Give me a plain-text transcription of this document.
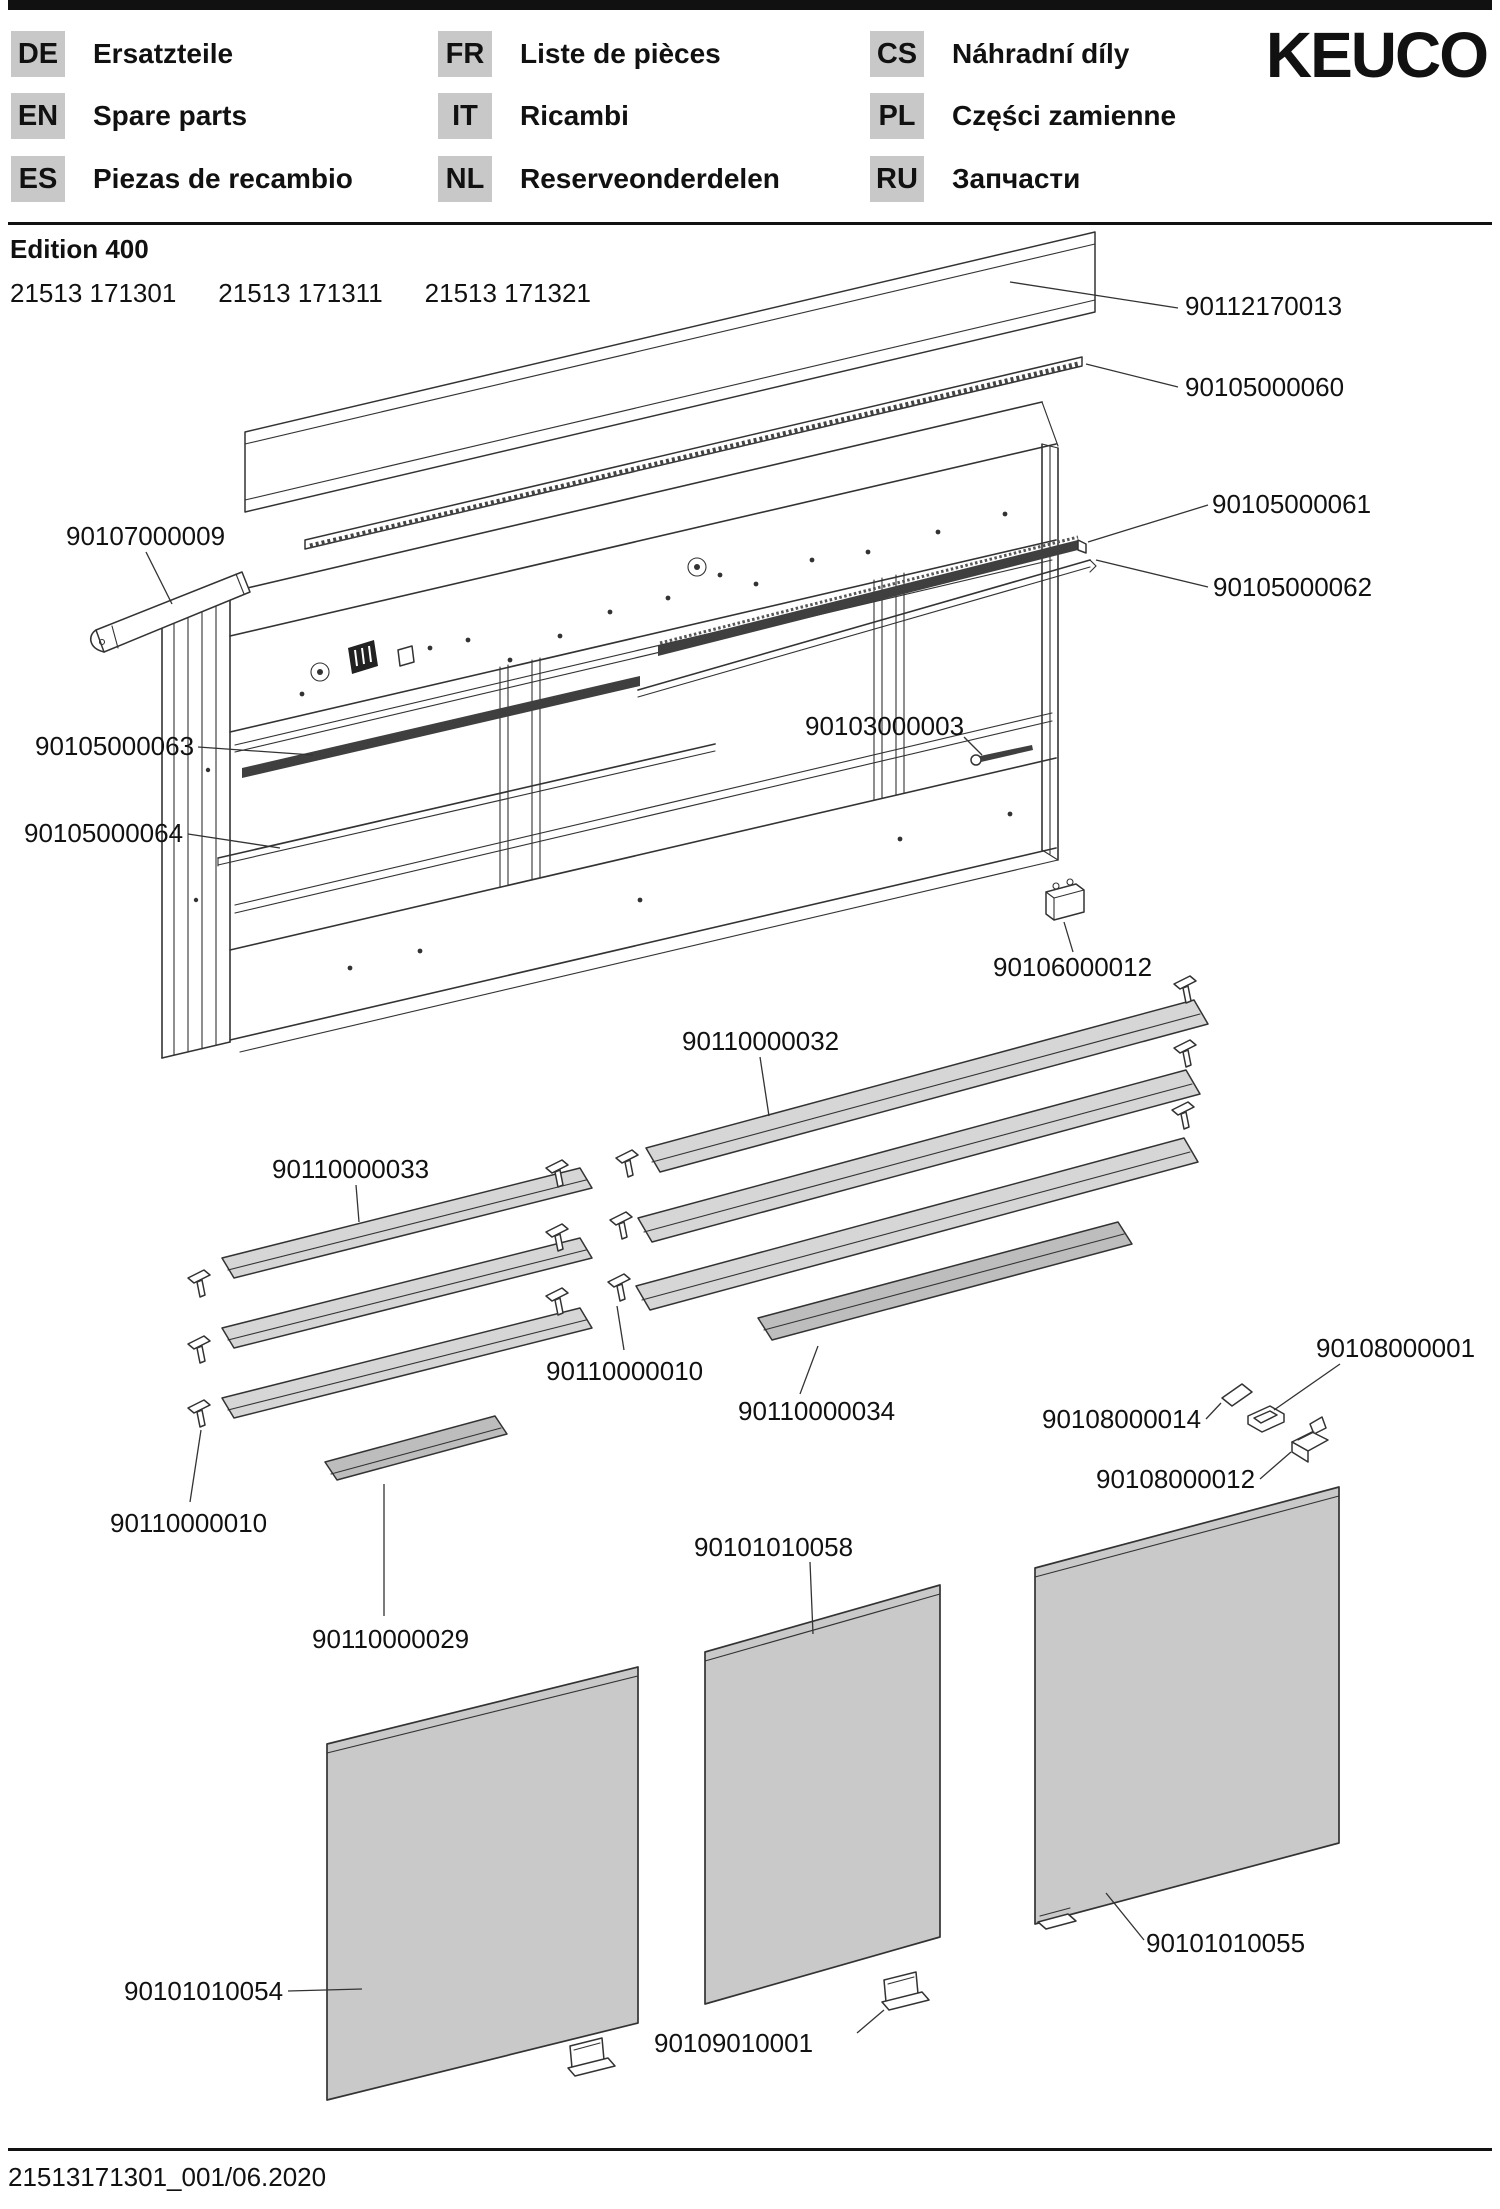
DE Ersatzteile
EN Spare parts
ES Piezas de recambio
FR Liste de pièces
IT	Ricambi
NL Reserveonderdelen
CS Náhradní díly
PL	Części zamienne
RU Запчасти
KEUCO
Edition 400
21513 171301 21513 171311 21513 171321	90112170013
90105000060
90107000009
90105000063
90105000064
90105000061
90105000062
90103000003
90106000012
90110000032
90110000033
90110000010
90110000010
90110000029
90110000034	90108000014
90108000001
90108000012
90101010054
90101010058
90109010001
90101010055
21513171301_001/06.2020
